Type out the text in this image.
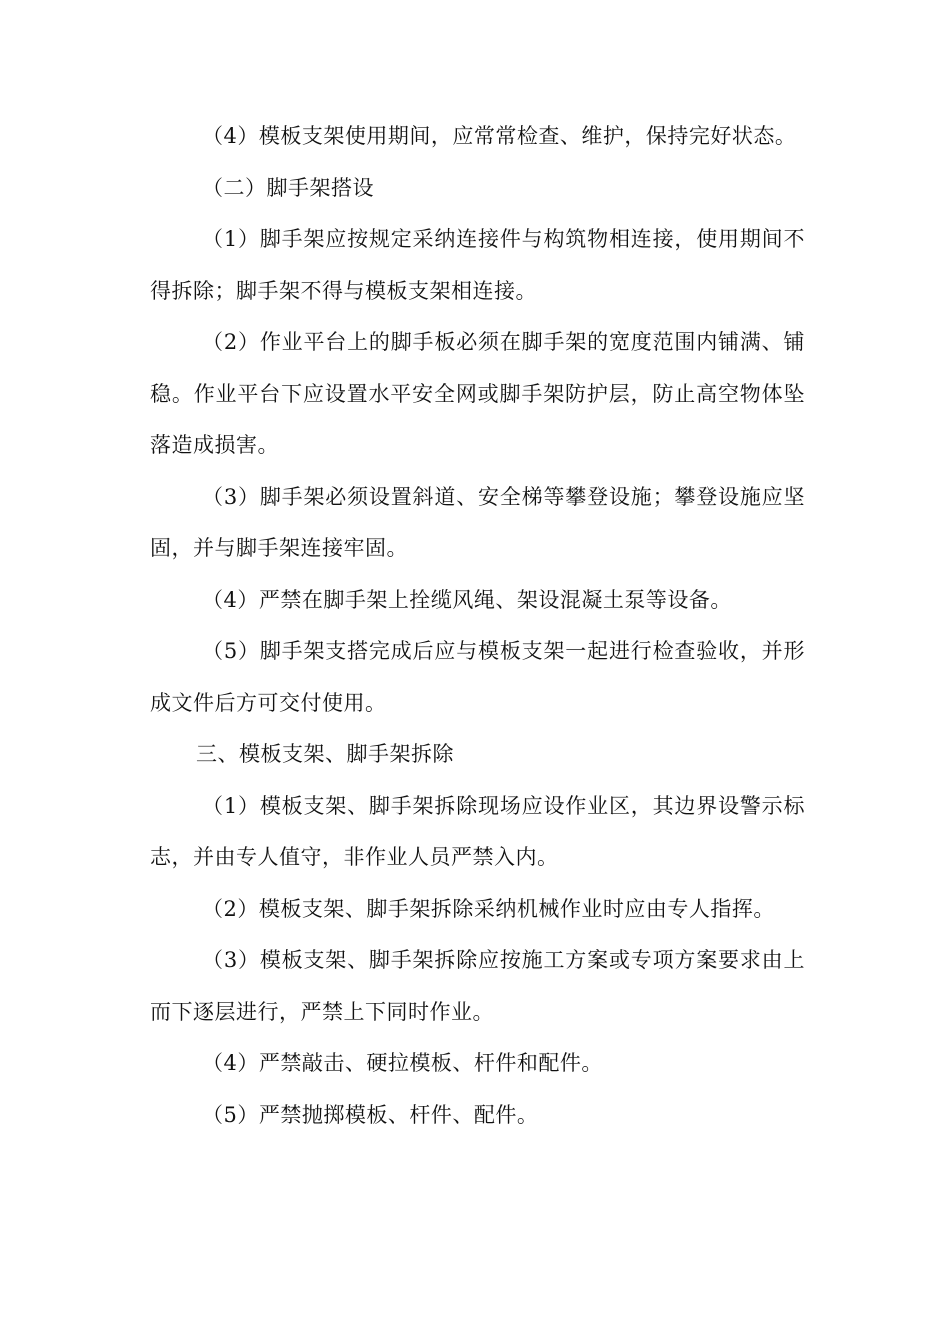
（4）模板支架使用期间，应常常检查、维护，保持完好状态。

（二）脚手架搭设

（1）脚手架应按规定采纳连接件与构筑物相连接，使用期间不得拆除；脚手架不得与模板支架相连接。

（2）作业平台上的脚手板必须在脚手架的宽度范围内铺满、铺稳。作业平台下应设置水平安全网或脚手架防护层，防止高空物体坠落造成损害。

（3）脚手架必须设置斜道、安全梯等攀登设施；攀登设施应坚固，并与脚手架连接牢固。

（4）严禁在脚手架上拴缆风绳、架设混凝土泵等设备。

（5）脚手架支搭完成后应与模板支架一起进行检查验收，并形成文件后方可交付使用。

三、模板支架、脚手架拆除

（1）模板支架、脚手架拆除现场应设作业区，其边界设警示标志，并由专人值守，非作业人员严禁入内。

（2）模板支架、脚手架拆除采纳机械作业时应由专人指挥。

（3）模板支架、脚手架拆除应按施工方案或专项方案要求由上而下逐层进行，严禁上下同时作业。

（4）严禁敲击、硬拉模板、杆件和配件。

（5）严禁抛掷模板、杆件、配件。
